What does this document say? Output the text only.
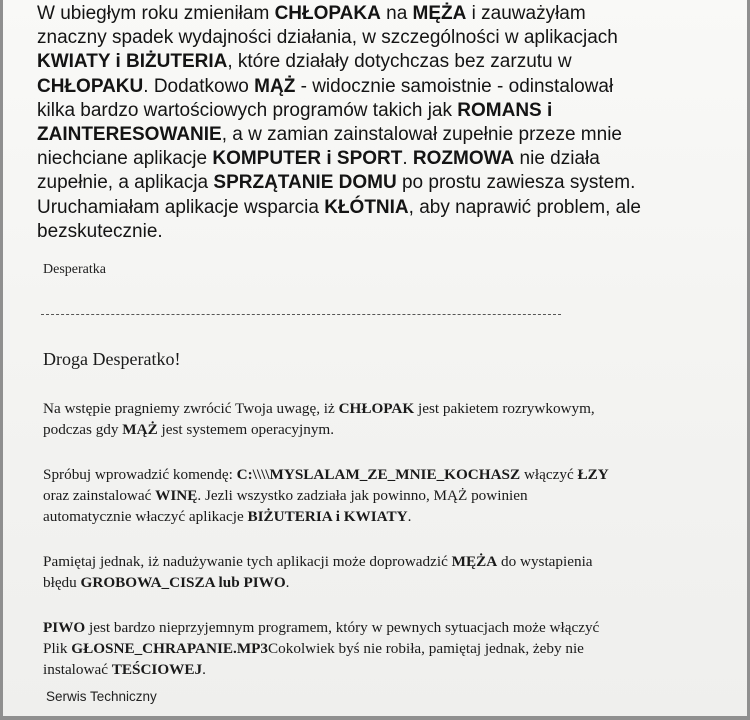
W ubiegłym roku zmieniłam CHŁOPAKA na MĘŻA i zauważyłam
znaczny spadek wydajności działania, w szczególności w aplikacjach
KWIATY i BIŻUTERIA, które działały dotychczas bez zarzutu w
CHŁOPAKU. Dodatkowo MĄŻ - widocznie samoistnie - odinstalował
kilka bardzo wartościowych programów takich jak ROMANS i
ZAINTERESOWANIE, a w zamian zainstalował zupełnie przeze mnie
niechciane aplikacje KOMPUTER i SPORT. ROZMOWA nie działa
zupełnie, a aplikacja SPRZĄTANIE DOMU po prostu zawiesza system.
Uruchamiałam aplikacje wsparcia KŁÓTNIA, aby naprawić problem, ale
bezskutecznie.
Desperatka
Droga Desperatko!
Na wstępie pragniemy zwrócić Twoja uwagę, iż CHŁOPAK jest pakietem rozrywkowym,
podczas gdy MĄŻ jest systemem operacyjnym.
Spróbuj wprowadzić komendę: C:\\\\MYSLALAM_ZE_MNIE_KOCHASZ włączyć ŁZY
oraz zainstalować WINĘ. Jezli wszystko zadziała jak powinno, MĄŻ powinien
automatycznie właczyć aplikacje BIŻUTERIA i KWIATY.
Pamiętaj jednak, iż nadużywanie tych aplikacji może doprowadzić MĘŻA do wystapienia
błędu GROBOWA_CISZA lub PIWO.
PIWO jest bardzo nieprzyjemnym programem, który w pewnych sytuacjach może włączyć
Plik GŁOSNE_CHRAPANIE.MP3Cokolwiek byś nie robiła, pamiętaj jednak, żeby nie
instalować TEŚCIOWEJ.
Serwis Techniczny
